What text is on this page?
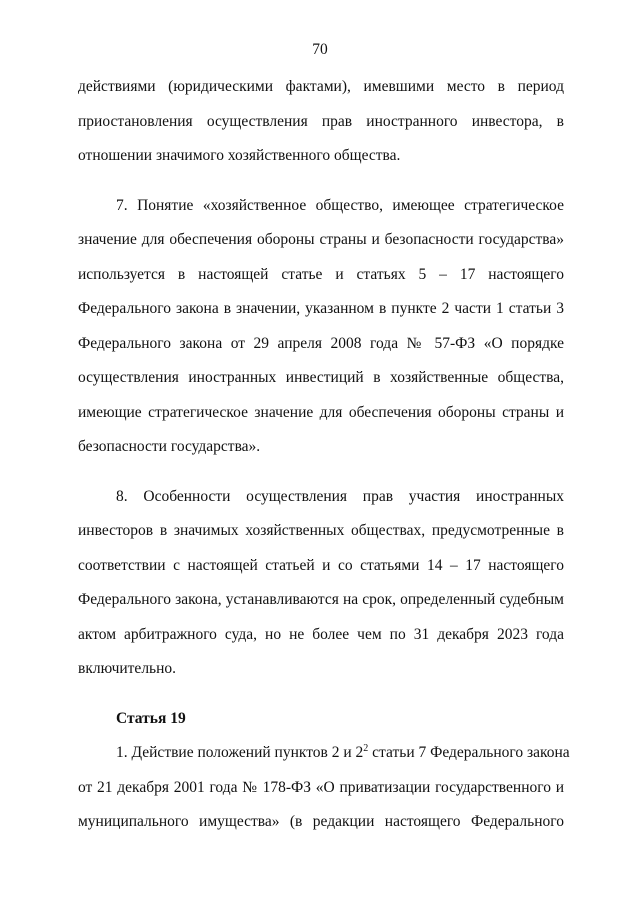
70
действиями (юридическими фактами), имевшими место в период
приостановления осуществления прав иностранного инвестора, в
отношении значимого хозяйственного общества.
7. Понятие «хозяйственное общество, имеющее стратегическое
значение для обеспечения обороны страны и безопасности государства»
используется в настоящей статье и статьях 5 – 17 настоящего
Федерального закона в значении, указанном в пункте 2 части 1 статьи 3
Федерального закона от 29 апреля 2008 года № 57-ФЗ «О порядке
осуществления иностранных инвестиций в хозяйственные общества,
имеющие стратегическое значение для обеспечения обороны страны и
безопасности государства».
8. Особенности осуществления прав участия иностранных
инвесторов в значимых хозяйственных обществах, предусмотренные в
соответствии с настоящей статьей и со статьями 14 – 17 настоящего
Федерального закона, устанавливаются на срок, определенный судебным
актом арбитражного суда, но не более чем по 31 декабря 2023 года
включительно.
Статья 19
1. Действие положений пунктов 2 и $2^2$ статьи 7 Федерального закона
от 21 декабря 2001 года № 178-ФЗ «О приватизации государственного и
муниципального имущества» (в редакции настоящего Федерального
